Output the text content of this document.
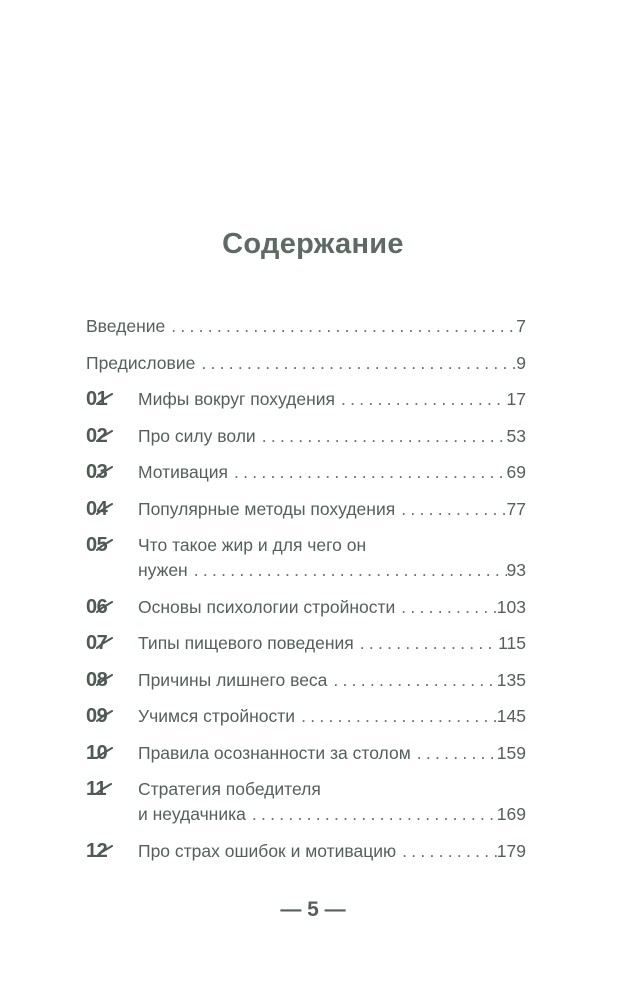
Содержание
Введение . . .	7
Предисловие . . .	9
01	Мифы вокруг похудения . . .	17
02	Про силу воли . . .	53
03	Мотивация . . .	69
04	Популярные методы похудения . . .	77
05	Что такое жир и для чего он
нужен . . .	93
06	Основы психологии стройности . . .	103
07	Типы пищевого поведения . . .	115
08	Причины лишнего веса . . .	135
09	Учимся стройности . . .	145
10	Правила осознанности за столом . . .	159
11	Стратегия победителя
и неудачника . . .	169
12	Про страх ошибок и мотивацию . . .	179
— 5 —
